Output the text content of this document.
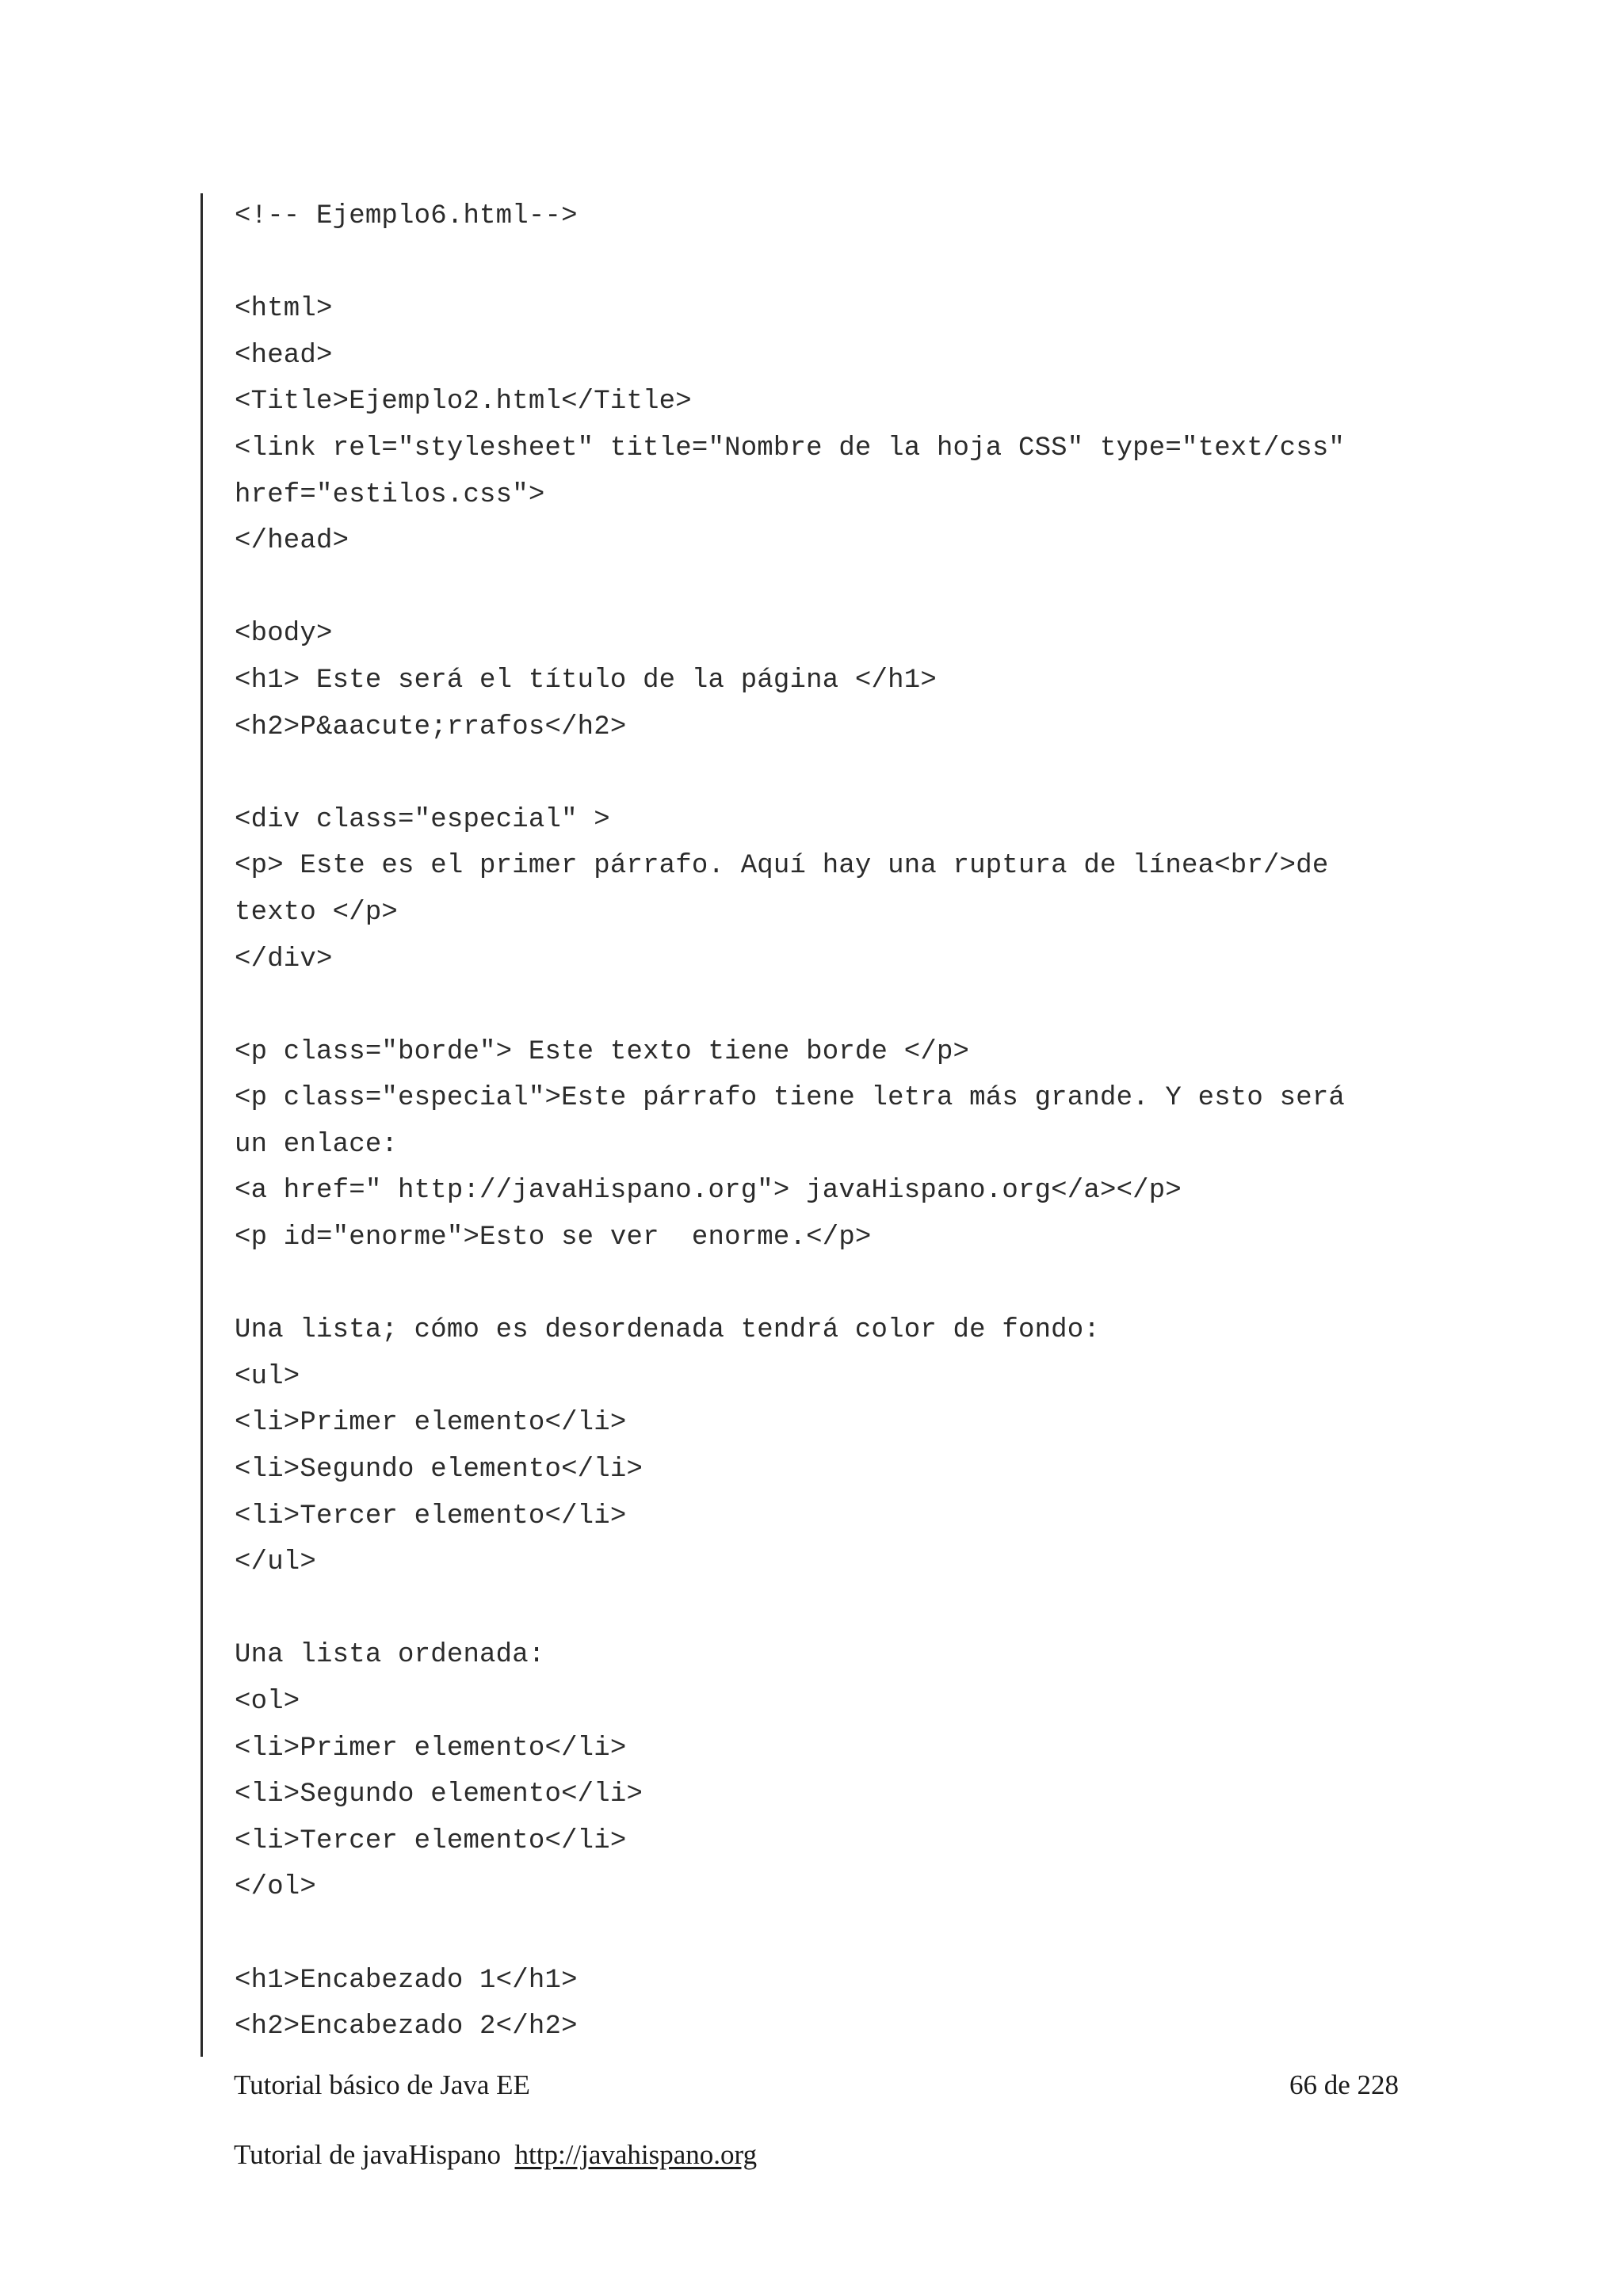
<!-- Ejemplo6.html-->
<html>
<head>
<Title>Ejemplo2.html</Title>
<link rel="stylesheet" title="Nombre de la hoja CSS" type="text/css"
href="estilos.css">
</head>
<body>
<h1> Este será el título de la página </h1>
<h2>P&aacute;rrafos</h2>
<div class="especial" >
<p> Este es el primer párrafo. Aquí hay una ruptura de línea<br/>de
texto </p>
</div>
<p class="borde"> Este texto tiene borde </p>
<p class="especial">Este párrafo tiene letra más grande. Y esto será
un enlace:
<a href=" http://javaHispano.org"> javaHispano.org</a></p>
<p id="enorme">Esto se ver  enorme.</p>
Una lista; cómo es desordenada tendrá color de fondo:
<ul>
<li>Primer elemento</li>
<li>Segundo elemento</li>
<li>Tercer elemento</li>
</ul>
Una lista ordenada:
<ol>
<li>Primer elemento</li>
<li>Segundo elemento</li>
<li>Tercer elemento</li>
</ol>
<h1>Encabezado 1</h1>
<h2>Encabezado 2</h2>
Tutorial básico de Java EE	66 de 228
Tutorial de javaHispano http://javahispano.org
